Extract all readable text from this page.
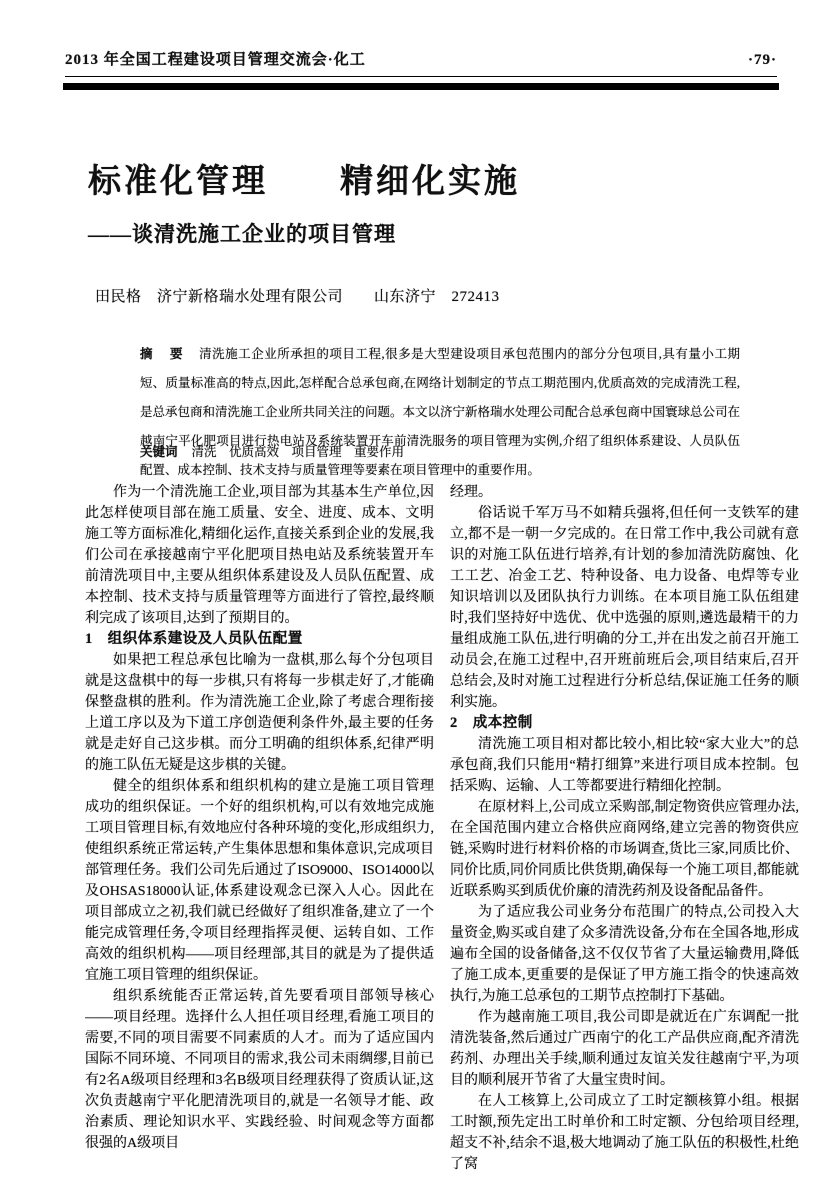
2013 年全国工程建设项目管理交流会·化工	·79·
标准化管理　　精细化实施
——谈清洗施工企业的项目管理
田民格　济宁新格瑞水处理有限公司　　山东济宁　272413
摘　要 清洗施工企业所承担的项目工程,很多是大型建设项目承包范围内的部分分包项目,具有量小工期短、质量标准高的特点,因此,怎样配合总承包商,在网络计划制定的节点工期范围内,优质高效的完成清洗工程,是总承包商和清洗施工企业所共同关注的问题。本文以济宁新格瑞水处理公司配合总承包商中国寰球总公司在越南宁平化肥项目进行热电站及系统装置开车前清洗服务的项目管理为实例,介绍了组织体系建设、人员队伍配置、成本控制、技术支持与质量管理等要素在项目管理中的重要作用。
关键词 清洗　优质高效　项目管理　重要作用

作为一个清洗施工企业,项目部为其基本生产单位,因此怎样使项目部在施工质量、安全、进度、成本、文明施工等方面标准化,精细化运作,直接关系到企业的发展,我们公司在承接越南宁平化肥项目热电站及系统装置开车前清洗项目中,主要从组织体系建设及人员队伍配置、成本控制、技术支持与质量管理等方面进行了管控,最终顺利完成了该项目,达到了预期目的。

1　组织体系建设及人员队伍配置

如果把工程总承包比喻为一盘棋,那么每个分包项目就是这盘棋中的每一步棋,只有将每一步棋走好了,才能确保整盘棋的胜利。作为清洗施工企业,除了考虑合理衔接上道工序以及为下道工序创造便利条件外,最主要的任务就是走好自己这步棋。而分工明确的组织体系,纪律严明的施工队伍无疑是这步棋的关键。

健全的组织体系和组织机构的建立是施工项目管理成功的组织保证。一个好的组织机构,可以有效地完成施工项目管理目标,有效地应付各种环境的变化,形成组织力,使组织系统正常运转,产生集体思想和集体意识,完成项目部管理任务。我们公司先后通过了ISO9000、ISO14000以及OHSAS18000认证,体系建设观念已深入人心。因此在项目部成立之初,我们就已经做好了组织准备,建立了一个能完成管理任务,令项目经理指挥灵便、运转自如、工作高效的组织机构——项目经理部,其目的就是为了提供适宜施工项目管理的组织保证。

组织系统能否正常运转,首先要看项目部领导核心——项目经理。选择什么人担任项目经理,看施工项目的需要,不同的项目需要不同素质的人才。而为了适应国内国际不同环境、不同项目的需求,我公司未雨绸缪,目前已有2名A级项目经理和3名B级项目经理获得了资质认证,这次负责越南宁平化肥清洗项目的,就是一名领导才能、政治素质、理论知识水平、实践经验、时间观念等方面都很强的A级项目

经理。

俗话说千军万马不如精兵强将,但任何一支铁军的建立,都不是一朝一夕完成的。在日常工作中,我公司就有意识的对施工队伍进行培养,有计划的参加清洗防腐蚀、化工工艺、冶金工艺、特种设备、电力设备、电焊等专业知识培训以及团队执行力训练。在本项目施工队伍组建时,我们坚持好中选优、优中选强的原则,遴选最精干的力量组成施工队伍,进行明确的分工,并在出发之前召开施工动员会,在施工过程中,召开班前班后会,项目结束后,召开总结会,及时对施工过程进行分析总结,保证施工任务的顺利实施。

2　成本控制

清洗施工项目相对都比较小,相比较“家大业大”的总承包商,我们只能用“精打细算”来进行项目成本控制。包括采购、运输、人工等都要进行精细化控制。

在原材料上,公司成立采购部,制定物资供应管理办法,在全国范围内建立合格供应商网络,建立完善的物资供应链,采购时进行材料价格的市场调查,货比三家,同质比价、同价比质,同价同质比供货期,确保每一个施工项目,都能就近联系购买到质优价廉的清洗药剂及设备配品备件。

为了适应我公司业务分布范围广的特点,公司投入大量资金,购买或自建了众多清洗设备,分布在全国各地,形成遍布全国的设备储备,这不仅仅节省了大量运输费用,降低了施工成本,更重要的是保证了甲方施工指令的快速高效执行,为施工总承包的工期节点控制打下基础。

作为越南施工项目,我公司即是就近在广东调配一批清洗装备,然后通过广西南宁的化工产品供应商,配齐清洗药剂、办理出关手续,顺利通过友谊关发往越南宁平,为项目的顺利展开节省了大量宝贵时间。

在人工核算上,公司成立了工时定额核算小组。根据工时额,预先定出工时单价和工时定额、分包给项目经理,超支不补,结余不退,极大地调动了施工队伍的积极性,杜绝了窝
